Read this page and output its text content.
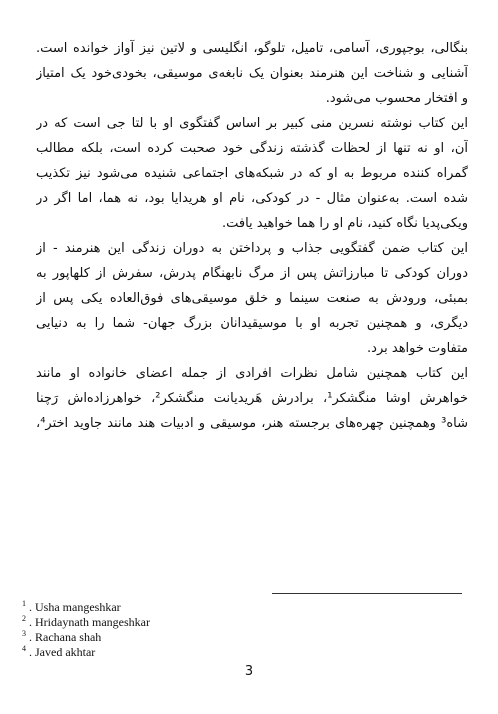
بنگالی، بوجپوری، آسامی، تامیل، تلوگو، انگلیسی و لاتین نیز آواز خوانده است.
آشنایی و شناخت این هنرمند بعنوان یک نابغه‌ی موسیقی، بخودی‌خود یک امتیاز
و افتخار محسوب می‌شود.

این کتاب نوشته نسرین منی کبیر بر اساس گفتگوی او با لتا جی است که در
آن، او نه تنها از لحظات گذشته زندگی خود صحبت کرده است، بلکه مطالب
گمراه کننده مربوط به او که در شبکه‌های اجتماعی شنیده می‌شود نیز تکذیب
شده است. به‌عنوان مثال - در کودکی، نام او هریدایا بود، نه هما، اما اگر در
ویکی‌پدیا نگاه کنید، نام او را هما خواهید یافت.

این کتاب ضمن گفتگویی جذاب و پرداختن به دوران زندگی این هنرمند - از
دوران کودکی تا مبارزاتش پس از مرگ نابهنگام پدرش، سفرش از کلهاپور به
بمبئی، ورودش به صنعت سینما و خلق موسیقی‌های فوق‌العاده یکی پس از
دیگری، و همچنین تجربه او با موسیقیدانان بزرگ جهان- شما را به دنیایی
متفاوت خواهد برد.

این کتاب همچنین شامل نظرات افرادی از جمله اعضای خانواده او مانند
خواهرش اوشا منگشکر¹، برادرش هَریدیانت منگشکر²، خواهرزاده‌اش رَچنا
شاه³ وهمچنین چهره‌های برجسته هنر، موسیقی و ادبیات هند مانند جاوید اختر⁴،

$^1$ . Usha mangeshkar
$^2$ . Hridaynath mangeshkar
$^3$ . Rachana shah
$^4$ . Javed akhtar
3
